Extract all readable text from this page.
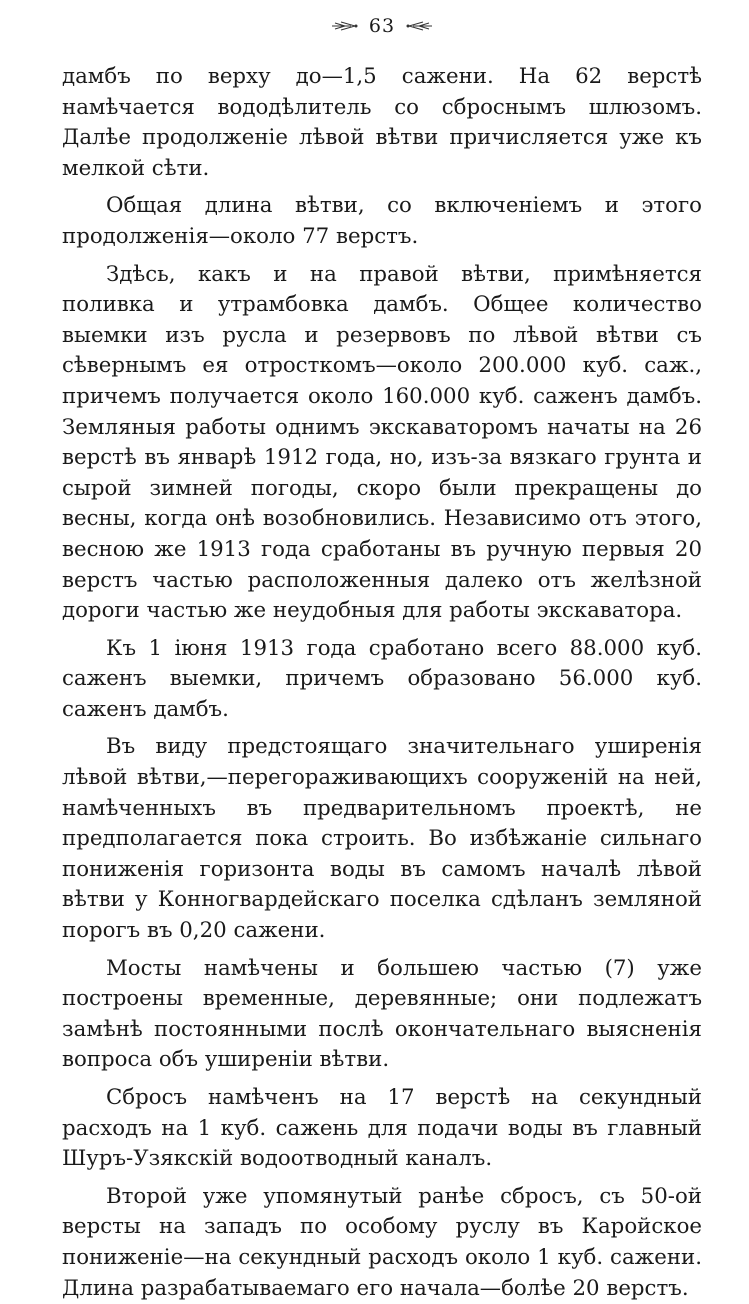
63

дамбъ по верху до—1,5 сажени. На 62 верстѣ намѣчается вододѣлитель со сброснымъ шлюзомъ. Далѣе продолженіе лѣвой вѣтви причисляется уже къ мелкой сѣти.

Общая длина вѣтви, со включеніемъ и этого продолженія—около 77 верстъ.

Здѣсь, какъ и на правой вѣтви, примѣняется поливка и утрамбовка дамбъ. Общее количество выемки изъ русла и резервовъ по лѣвой вѣтви съ сѣвернымъ ея отросткомъ—около 200.000 куб. саж., причемъ получается около 160.000 куб. саженъ дамбъ. Земляныя работы однимъ экскаваторомъ начаты на 26 верстѣ въ январѣ 1912 года, но, изъ-за вязкаго грунта и сырой зимней погоды, скоро были прекращены до весны, когда онѣ возобновились. Независимо отъ этого, весною же 1913 года сработаны въ ручную первыя 20 верстъ частью расположенныя далеко отъ желѣзной дороги частью же неудобныя для работы экскаватора.

Къ 1 іюня 1913 года сработано всего 88.000 куб. саженъ выемки, причемъ образовано 56.000 куб. саженъ дамбъ.

Въ виду предстоящаго значительнаго уширенія лѣвой вѣтви,—перегораживающихъ сооруженій на ней, намѣченныхъ въ предварительномъ проектѣ, не предполагается пока строить. Во избѣжаніе сильнаго пониженія горизонта воды въ самомъ началѣ лѣвой вѣтви у Конногвардейскаго поселка сдѣланъ земляной порогъ въ 0,20 сажени.

Мосты намѣчены и большею частью (7) уже построены временные, деревянные; они подлежатъ замѣнѣ постоянными послѣ окончательнаго выясненія вопроса объ уширеніи вѣтви.

Сбросъ намѣченъ на 17 верстѣ на секундный расходъ на 1 куб. сажень для подачи воды въ главный Шуръ-Узякскій водоотводный каналъ.

Второй уже упомянутый ранѣе сбросъ, съ 50-ой версты на западъ по особому руслу въ Каройское пониженіе—на секундный расходъ около 1 куб. сажени. Длина разрабатываемаго его начала—болѣе 20 верстъ.
